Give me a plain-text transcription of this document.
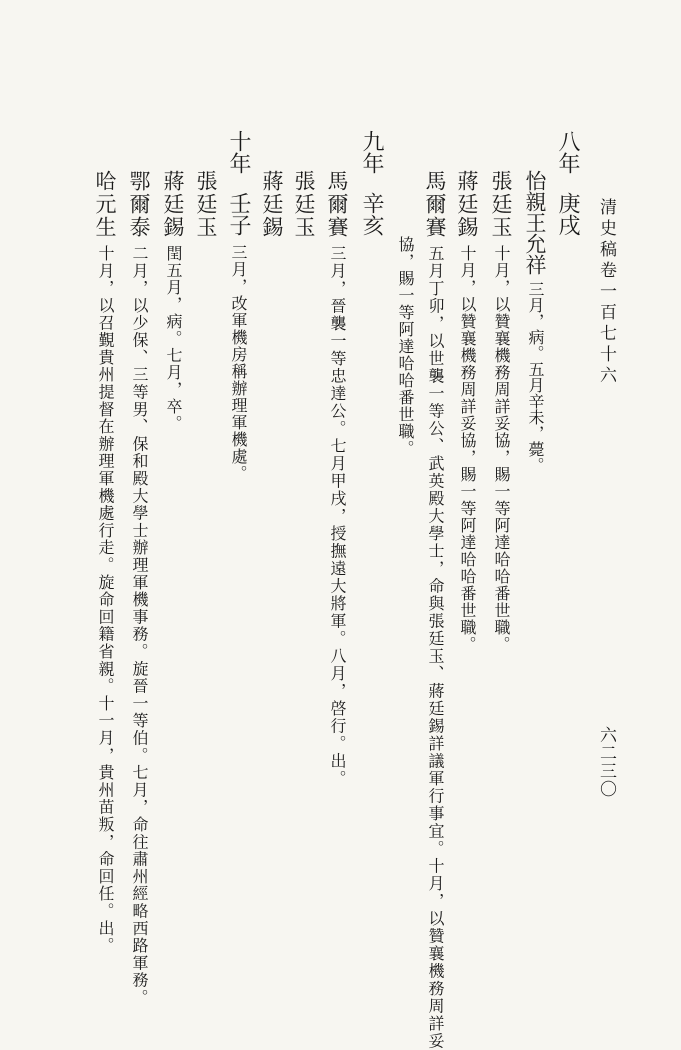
清史稿卷一百七十六
六二三〇
八年庚戌
怡親王允祥三月，病。五月辛未，薨。
張廷玉十月，以贊襄機務周詳妥協，賜一等阿達哈哈番世職。
蔣廷錫十月，以贊襄機務周詳妥協，賜一等阿達哈哈番世職。
馬爾賽五月丁卯，以世襲一等公、武英殿大學士，命與張廷玉、蔣廷錫詳議軍行事宜。十月，以贊襄機務周詳妥
協，賜一等阿達哈哈番世職。
九年辛亥
馬爾賽三月，晉襲一等忠達公。七月甲戌，授撫遠大將軍。八月，啓行。出。
張廷玉
蔣廷錫
十年壬子三月，改軍機房稱辦理軍機處。
張廷玉
蔣廷錫閏五月，病。七月，卒。
鄂爾泰二月，以少保、三等男、保和殿大學士辦理軍機事務。旋晉一等伯。七月，命往肅州經略西路軍務。
哈元生十月，以召覲貴州提督在辦理軍機處行走。旋命回籍省親。十一月，貴州苗叛，命回任。出。
